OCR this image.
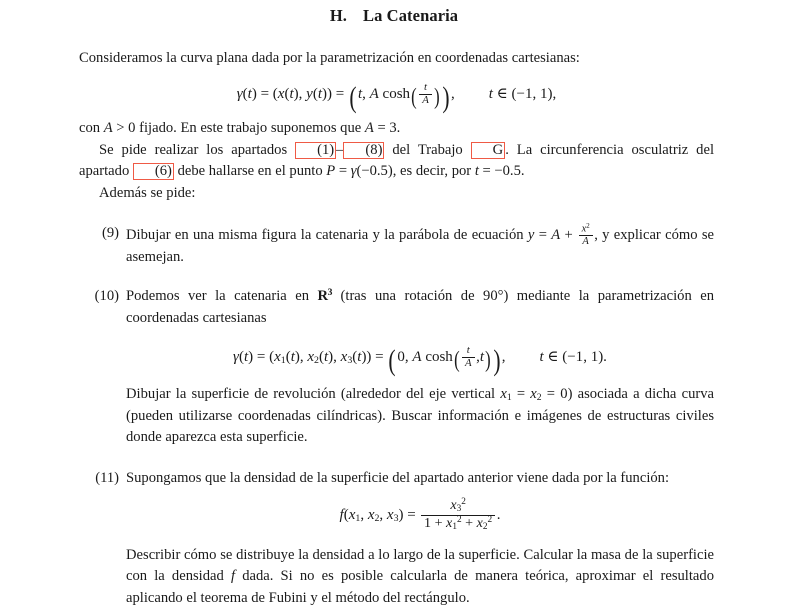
H. La Catenaria

Consideramos la curva plana dada por la parametrización en coordenadas cartesianas:

γ(t) = (x(t), y(t)) = (t, A $\cosh( \frac{t}{A}$ )), t ∈ (−1, 1),

con A > 0 fijado. En este trabajo suponemos que A = 3.

Se pide realizar los apartados (1) – (8) del Trabajo G . La circunferencia osculatriz del apartado (6) debe hallarse en el punto P = γ(−0.5), es decir, por t = −0.5.

Además se pide:

(9) Dibujar en una misma figura la catenaria y la parábola de ecuación $y = A + \frac{x^2}{A}$ , y explicar cómo se asemejan.

(10) Podemos ver la catenaria en $R^3$ (tras una rotación de 90°) mediante la parametrización en coordenadas cartesianas

$\gamma(t) = (x_1(t)$, $x_2(t)$, $x_3(t)) = (0$, A $\cosh( \frac{t}{A} ,t)$), t ∈ (−1, 1).

Dibujar la superficie de revolución (alrededor del eje vertical $x_1 = x_2 = 0$) asociada a dicha curva (pueden utilizarse coordenadas cilíndricas). Buscar información e imágenes de estructuras civiles donde aparezca esta superficie.

(11) Supongamos que la densidad de la superficie del apartado anterior viene dada por la función:

$f(x_1$, $x_2$, $x_3) = \frac{x_3^2}{1 + x_1^2 + x_2^2}$ .

Describir cómo se distribuye la densidad a lo largo de la superficie. Calcular la masa de la superficie con la densidad f dada. Si no es posible calcularla de manera teórica, aproximar el resultado aplicando el teorema de Fubini y el método del rectángulo.
